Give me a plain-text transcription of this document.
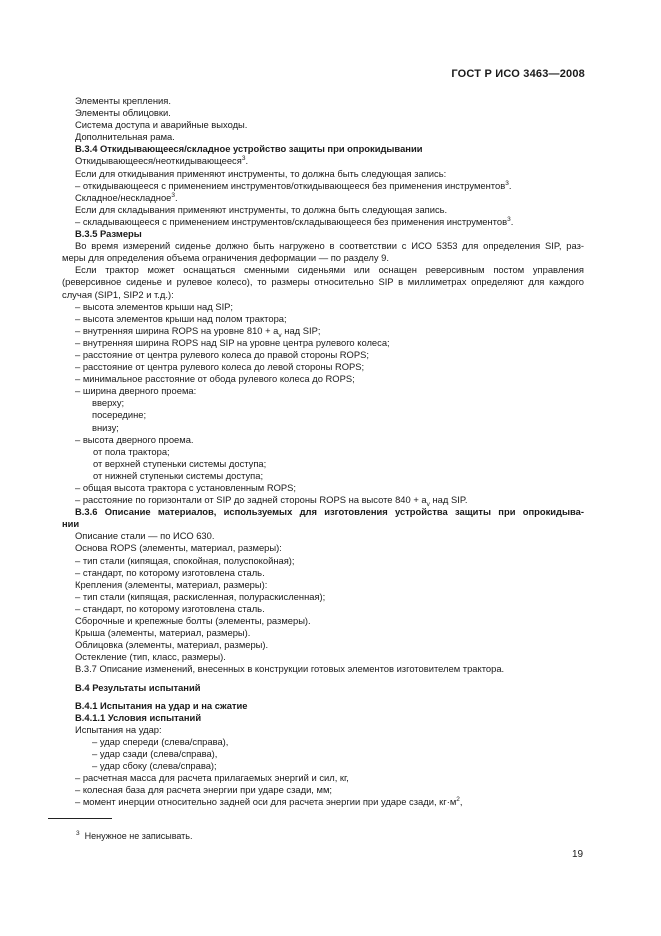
ГОСТ Р ИСО 3463—2008
Элементы крепления.
Элементы облицовки.
Система доступа и аварийные выходы.
Дополнительная рама.
B.3.4 Откидывающееся/складное устройство защиты при опрокидывании
Откидывающееся/неоткидывающееся$^3$.
Если для откидывания применяют инструменты, то должна быть следующая запись:
– откидывающееся с применением инструментов/откидывающееся без применения инструментов$^3$.
Складное/нескладное$^3$.
Если для складывания применяют инструменты, то должна быть следующая запись.
– складывающееся с применением инструментов/складывающееся без применения инструментов$^3$.
B.3.5 Размеры
Во время измерений сиденье должно быть нагружено в соответствии с ИСО 5353 для определения SIP, раз-
меры для определения объема ограничения деформации — по разделу 9.
Если трактор может оснащаться сменными сиденьями или оснащен реверсивным постом управления
(реверсивное сиденье и рулевое колесо), то размеры относительно SIP в миллиметрах определяют для каждого
случая (SIP1, SIP2 и т.д.):
– высота элементов крыши над SIP;
– высота элементов крыши над полом трактора;
– внутренняя ширина ROPS на уровне $810 + a_v$ над SIP;
– внутренняя ширина ROPS над SIP на уровне центра рулевого колеса;
– расстояние от центра рулевого колеса до правой стороны ROPS;
– расстояние от центра рулевого колеса до левой стороны ROPS;
– минимальное расстояние от обода рулевого колеса до ROPS;
– ширина дверного проема:
вверху;
посередине;
внизу;
– высота дверного проема.
от пола трактора;
от верхней ступеньки системы доступа;
от нижней ступеньки системы доступа;
– общая высота трактора с установленным ROPS;
– расстояние по горизонтали от SIP до задней стороны ROPS на высоте $840 + a_v$ над SIP.
B.3.6 Описание материалов, используемых для изготовления устройства защиты при опрокидыва-
нии
Описание стали — по ИСО 630.
Основа ROPS (элементы, материал, размеры):
– тип стали (кипящая, спокойная, полуспокойная);
– стандарт, по которому изготовлена сталь.
Крепления (элементы, материал, размеры):
– тип стали (кипящая, раскисленная, полураскисленная);
– стандарт, по которому изготовлена сталь.
Сборочные и крепежные болты (элементы, размеры).
Крыша (элементы, материал, размеры).
Облицовка (элементы, материал, размеры).
Остекление (тип, класс, размеры).
B.3.7 Описание изменений, внесенных в конструкции готовых элементов изготовителем трактора.
B.4 Результаты испытаний
B.4.1 Испытания на удар и на сжатие
B.4.1.1 Условия испытаний
Испытания на удар:
– удар спереди (слева/справа),
– удар сзади (слева/справа),
– удар сбоку (слева/справа);
– расчетная масса для расчета прилагаемых энергий и сил, кг,
– колесная база для расчета энергии при ударе сзади, мм;
– момент инерции относительно задней оси для расчета энергии при ударе сзади, $кг\cdot м^2$,
$^3$ Ненужное не записывать.
19
